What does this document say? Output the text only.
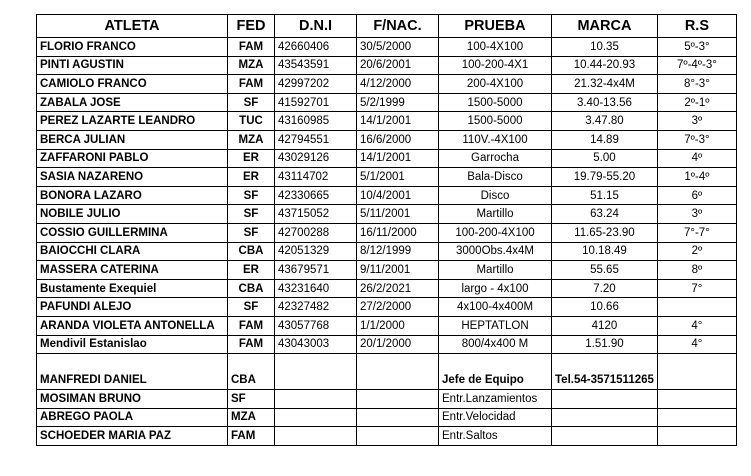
ATLETA	FED	D.N.I	F/NAC.	PRUEBA	MARCA	R.S
FLORIO FRANCO	FAM	42660406	30/5/2000	100-4X100	10.35	5º-3°
PINTI AGUSTIN	MZA	43543591	20/6/2001	100-200-4X1	10.44-20.93	7º-4º-3°
CAMIOLO FRANCO	FAM	42997202	4/12/2000	200-4X100	21.32-4x4M	8°-3°
ZABALA JOSE	SF	41592701	5/2/1999	1500-5000	3.40-13.56	2º-1º
PEREZ LAZARTE LEANDRO	TUC	43160985	14/1/2001	1500-5000	3.47.80	3º
BERCA JULIAN	MZA	42794551	16/6/2000	110V.-4X100	14.89	7º-3°
ZAFFARONI PABLO	ER	43029126	14/1/2001	Garrocha	5.00	4º
SASIA NAZARENO	ER	43114702	5/1/2001	Bala-Disco	19.79-55.20	1º-4º
BONORA LAZARO	SF	42330665	10/4/2001	Disco	51.15	6º
NOBILE JULIO	SF	43715052	5/11/2001	Martillo	63.24	3º
COSSIO GUILLERMINA	SF	42700288	16/11/2000	100-200-4X100	11.65-23.90	7°-7°
BAIOCCHI CLARA	CBA	42051329	8/12/1999	3000Obs.4x4M	10.18.49	2º
MASSERA CATERINA	ER	43679571	9/11/2001	Martillo	55.65	8º
Bustamente Exequiel	CBA	43231640	26/2/2021	largo - 4x100	7.20	7°
PAFUNDI ALEJO	SF	42327482	27/2/2000	4x100-4x400M	10.66	
ARANDA VIOLETA ANTONELLA	FAM	43057768	1/1/2000	HEPTATLON	4120	4°
Mendivil Estanislao	FAM	43043003	20/1/2000	800/4x400 M	1.51.90	4°
MANFREDI DANIEL	CBA			Jefe de Equipo	Tel.54-3571511265	
MOSIMAN BRUNO	SF			Entr.Lanzamientos		
ABREGO PAOLA	MZA			Entr.Velocidad		
SCHOEDER MARIA PAZ	FAM			Entr.Saltos		
